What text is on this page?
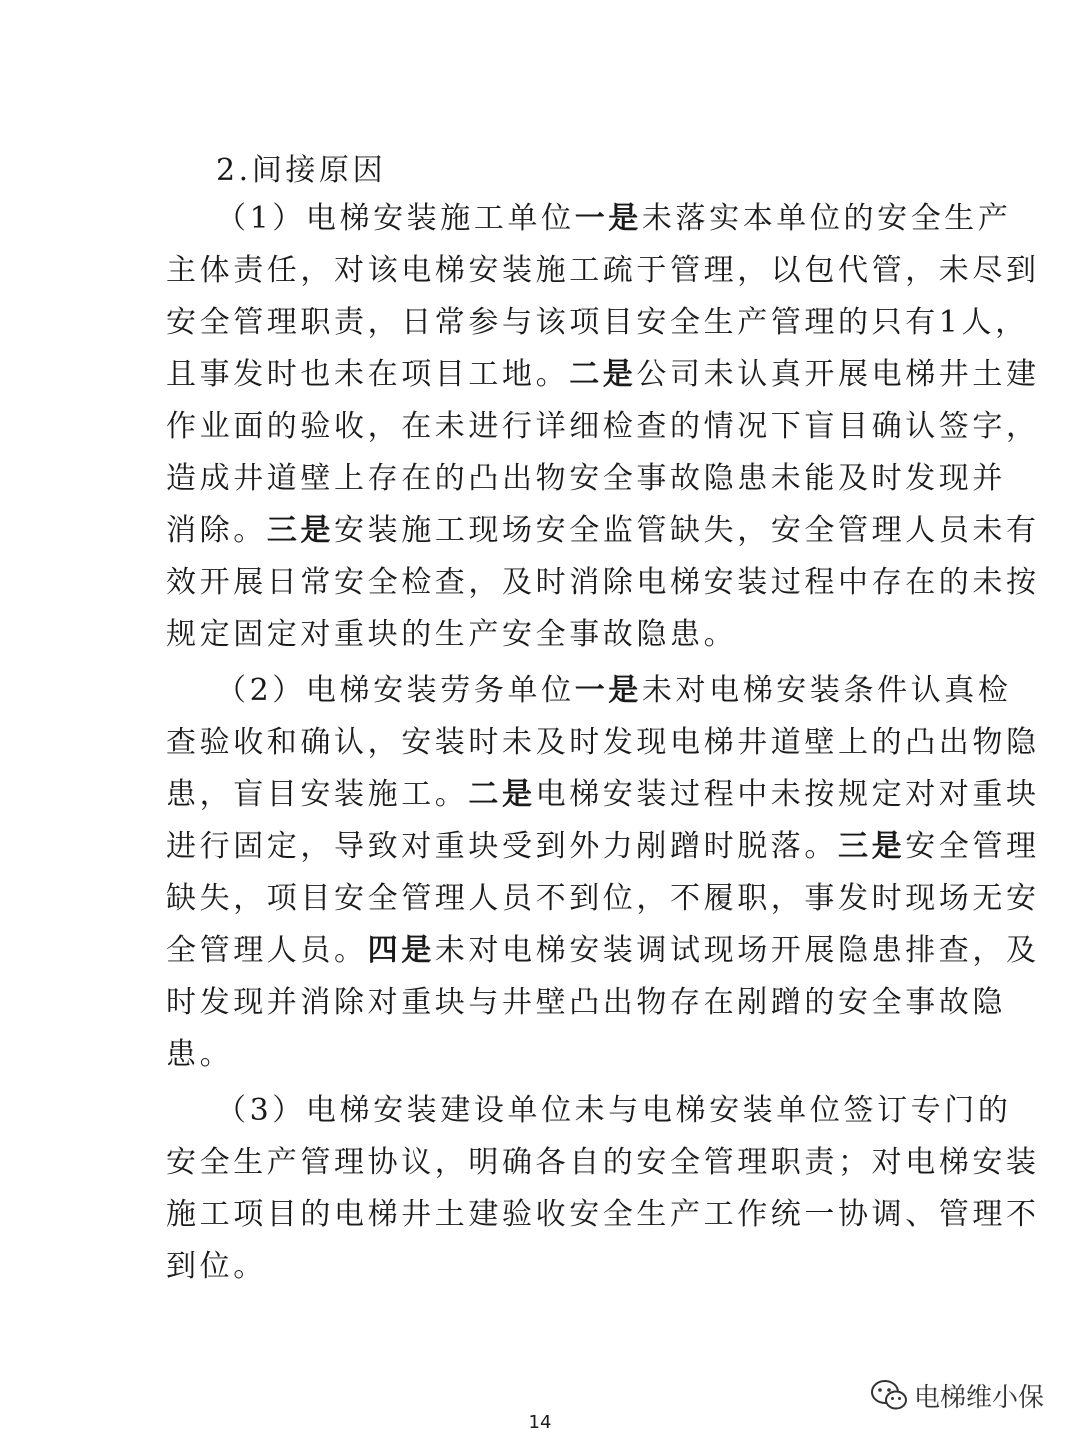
2.间接原因
（1）电梯安装施工单位一是未落实本单位的安全生产
主体责任，对该电梯安装施工疏于管理，以包代管，未尽到
安全管理职责，日常参与该项目安全生产管理的只有1人，
且事发时也未在项目工地。二是公司未认真开展电梯井土建
作业面的验收，在未进行详细检查的情况下盲目确认签字，
造成井道壁上存在的凸出物安全事故隐患未能及时发现并
消除。三是安装施工现场安全监管缺失，安全管理人员未有
效开展日常安全检查，及时消除电梯安装过程中存在的未按
规定固定对重块的生产安全事故隐患。
（2）电梯安装劳务单位一是未对电梯安装条件认真检
查验收和确认，安装时未及时发现电梯井道壁上的凸出物隐
患，盲目安装施工。二是电梯安装过程中未按规定对对重块
进行固定，导致对重块受到外力剐蹭时脱落。三是安全管理
缺失，项目安全管理人员不到位，不履职，事发时现场无安
全管理人员。四是未对电梯安装调试现场开展隐患排查，及
时发现并消除对重块与井壁凸出物存在剐蹭的安全事故隐
患。
（3）电梯安装建设单位未与电梯安装单位签订专门的
安全生产管理协议，明确各自的安全管理职责；对电梯安装
施工项目的电梯井土建验收安全生产工作统一协调、管理不
到位。
14
电梯维小保
